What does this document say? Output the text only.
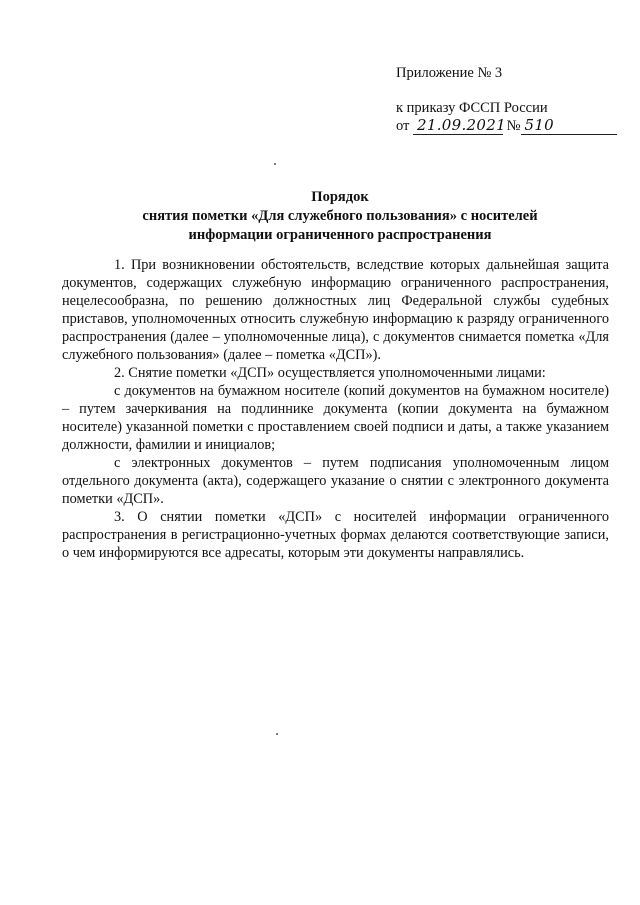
Приложение № 3
к приказу ФССП России
от 21.09.2021 № 510
Порядок
снятия пометки «Для служебного пользования» с носителей
информации ограниченного распространения

1. При возникновении обстоятельств, вследствие которых дальнейшая защита документов, содержащих служебную информацию ограниченного распространения, нецелесообразна, по решению должностных лиц Федеральной службы судебных приставов, уполномоченных относить служебную информацию к разряду ограниченного распространения (далее – уполномоченные лица), с документов снимается пометка «Для служебного пользования» (далее – пометка «ДСП»).

2. Снятие пометки «ДСП» осуществляется уполномоченными лицами:

с документов на бумажном носителе (копий документов на бумажном носителе) – путем зачеркивания на подлиннике документа (копии документа на бумажном носителе) указанной пометки с проставлением своей подписи и даты, а также указанием должности, фамилии и инициалов;

с электронных документов – путем подписания уполномоченным лицом отдельного документа (акта), содержащего указание о снятии с электронного документа пометки «ДСП».

3. О снятии пометки «ДСП» с носителей информации ограниченного распространения в регистрационно-учетных формах делаются соответствующие записи, о чем информируются все адресаты, которым эти документы направлялись.
